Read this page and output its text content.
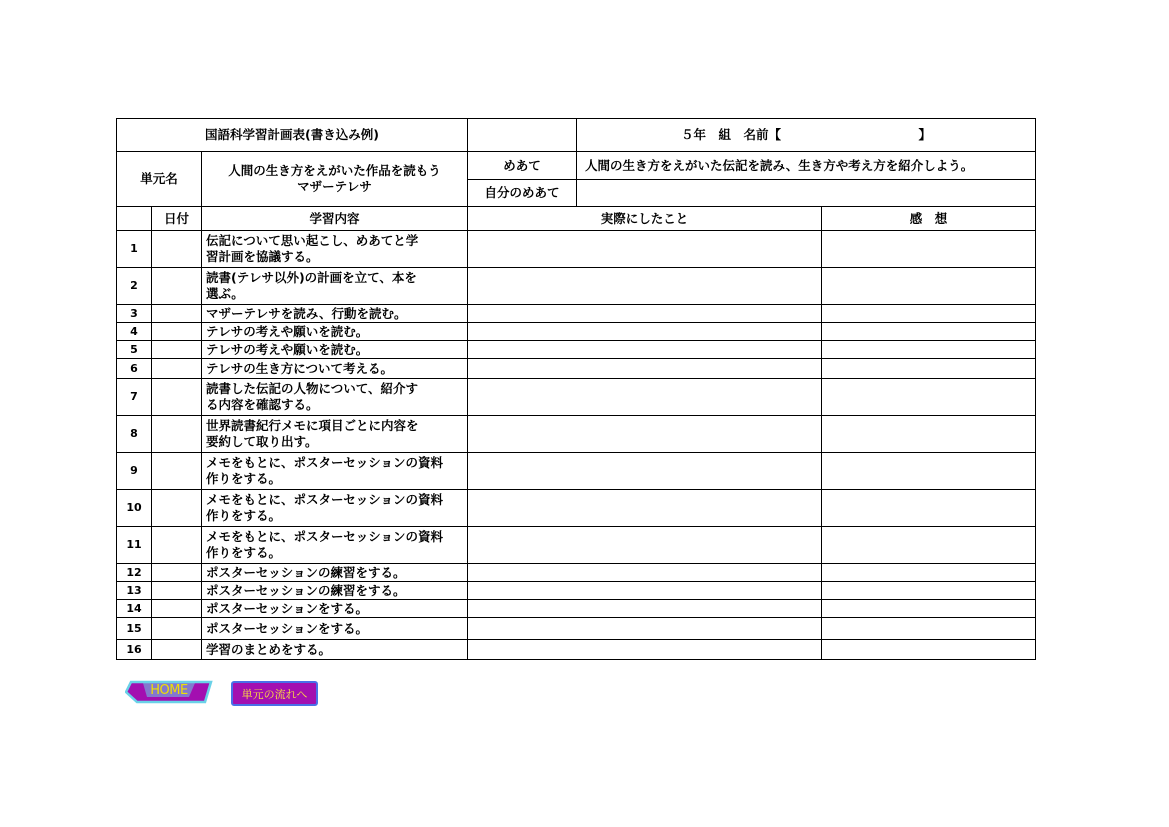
国語科学習計画表(書き込み例)				５年　組　名前【　　　　　　　　　　　】	
単元名		人間の生き方をえがいた作品を読もう
マザーテレサ	めあて	人間の生き方をえがいた伝記を読み、生き方や考え方を紹介しよう。	
			自分のめあて		
	日付	学習内容	実際にしたこと		感　想
1		伝記について思い起こし、めあてと学
習計画を協議する。			
2		読書(テレサ以外)の計画を立て、本を
選ぶ。			
3		マザーテレサを読み、行動を読む。			
4		テレサの考えや願いを読む。			
5		テレサの考えや願いを読む。			
6		テレサの生き方について考える。			
7		読書した伝記の人物について、紹介す
る内容を確認する。			
8		世界読書紀行メモに項目ごとに内容を
要約して取り出す。			
9		メモをもとに、ポスターセッションの資料
作りをする。			
10		メモをもとに、ポスターセッションの資料
作りをする。			
11		メモをもとに、ポスターセッションの資料
作りをする。			
12		ポスターセッションの練習をする。			
13		ポスターセッションの練習をする。			
14		ポスターセッションをする。			
15		ポスターセッションをする。			
16		学習のまとめをする。			
HOME	単元の流れへ
